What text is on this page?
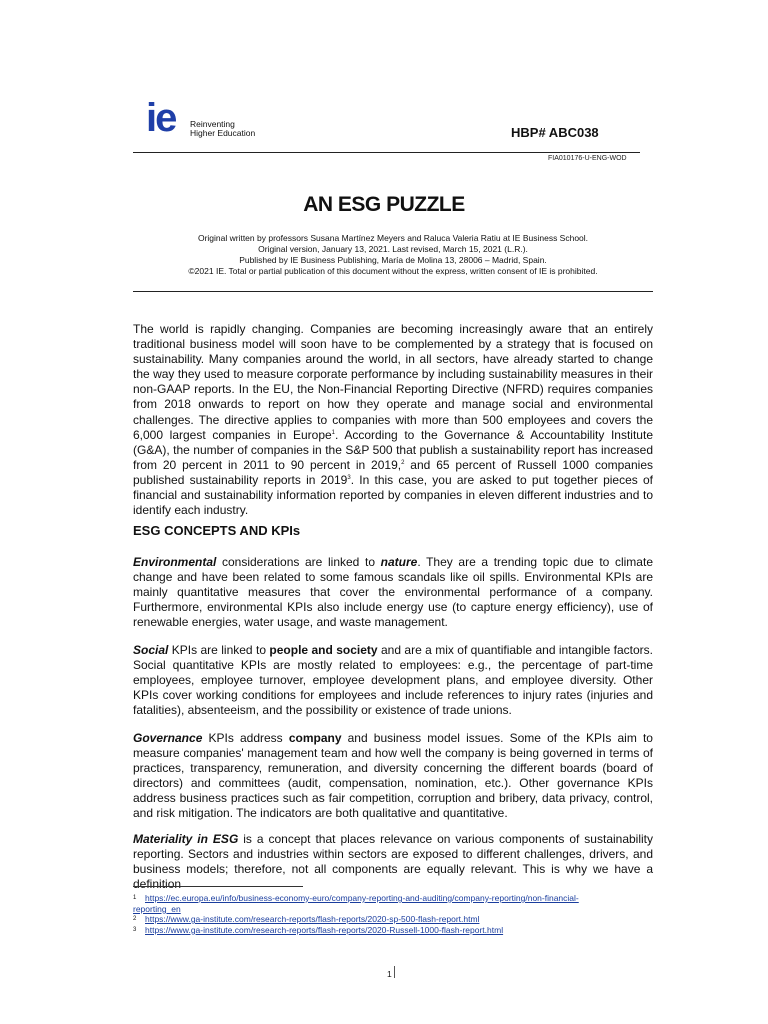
ie Reinventing
Higher Education	HBP# ABC038
FIA010176-U-ENG-WOD
AN ESG PUZZLE
Original written by professors Susana Martínez Meyers and Raluca Valeria Ratiu at IE Business School.
Original version, January 13, 2021. Last revised, March 15, 2021 (L.R.).
Published by IE Business Publishing, María de Molina 13, 28006 – Madrid, Spain.
©2021 IE. Total or partial publication of this document without the express, written consent of IE is prohibited.
The world is rapidly changing. Companies are becoming increasingly aware that an entirely traditional business model will soon have to be complemented by a strategy that is focused on sustainability. Many companies around the world, in all sectors, have already started to change the way they used to measure corporate performance by including sustainability measures in their non-GAAP reports. In the EU, the Non-Financial Reporting Directive (NFRD) requires companies from 2018 onwards to report on how they operate and manage social and environmental challenges. The directive applies to companies with more than 500 employees and covers the 6,000 largest companies in Europe$^1$. According to the Governance & Accountability Institute (G&A), the number of companies in the S&P 500 that publish a sustainability report has increased from 20 percent in 2011 to 90 percent in 2019,$^2$ and 65 percent of Russell 1000 companies published sustainability reports in 2019$^3$. In this case, you are asked to put together pieces of financial and sustainability information reported by companies in eleven different industries and to identify each industry.
ESG CONCEPTS AND KPIs
Environmental considerations are linked to nature. They are a trending topic due to climate change and have been related to some famous scandals like oil spills. Environmental KPIs are mainly quantitative measures that cover the environmental performance of a company. Furthermore, environmental KPIs also include energy use (to capture energy efficiency), use of renewable energies, water usage, and waste management.
Social KPIs are linked to people and society and are a mix of quantifiable and intangible factors. Social quantitative KPIs are mostly related to employees: e.g., the percentage of part-time employees, employee turnover, employee development plans, and employee diversity. Other KPIs cover working conditions for employees and include references to injury rates (injuries and fatalities), absenteeism, and the possibility or existence of trade unions.
Governance KPIs address company and business model issues. Some of the KPIs aim to measure companies' management team and how well the company is being governed in terms of practices, transparency, remuneration, and diversity concerning the different boards (board of directors) and committees (audit, compensation, nomination, etc.). Other governance KPIs address business practices such as fair competition, corruption and bribery, data privacy, control, and risk mitigation. The indicators are both qualitative and quantitative.
Materiality in ESG is a concept that places relevance on various components of sustainability reporting. Sectors and industries within sectors are exposed to different challenges, drivers, and business models; therefore, not all components are equally relevant. This is why we have a definition
1	https://ec.europa.eu/info/business-economy-euro/company-reporting-and-auditing/company-reporting/non-financial-
reporting_en
2	https://www.ga-institute.com/research-reports/flash-reports/2020-sp-500-flash-report.html
3	https://www.ga-institute.com/research-reports/flash-reports/2020-Russell-1000-flash-report.html
1
